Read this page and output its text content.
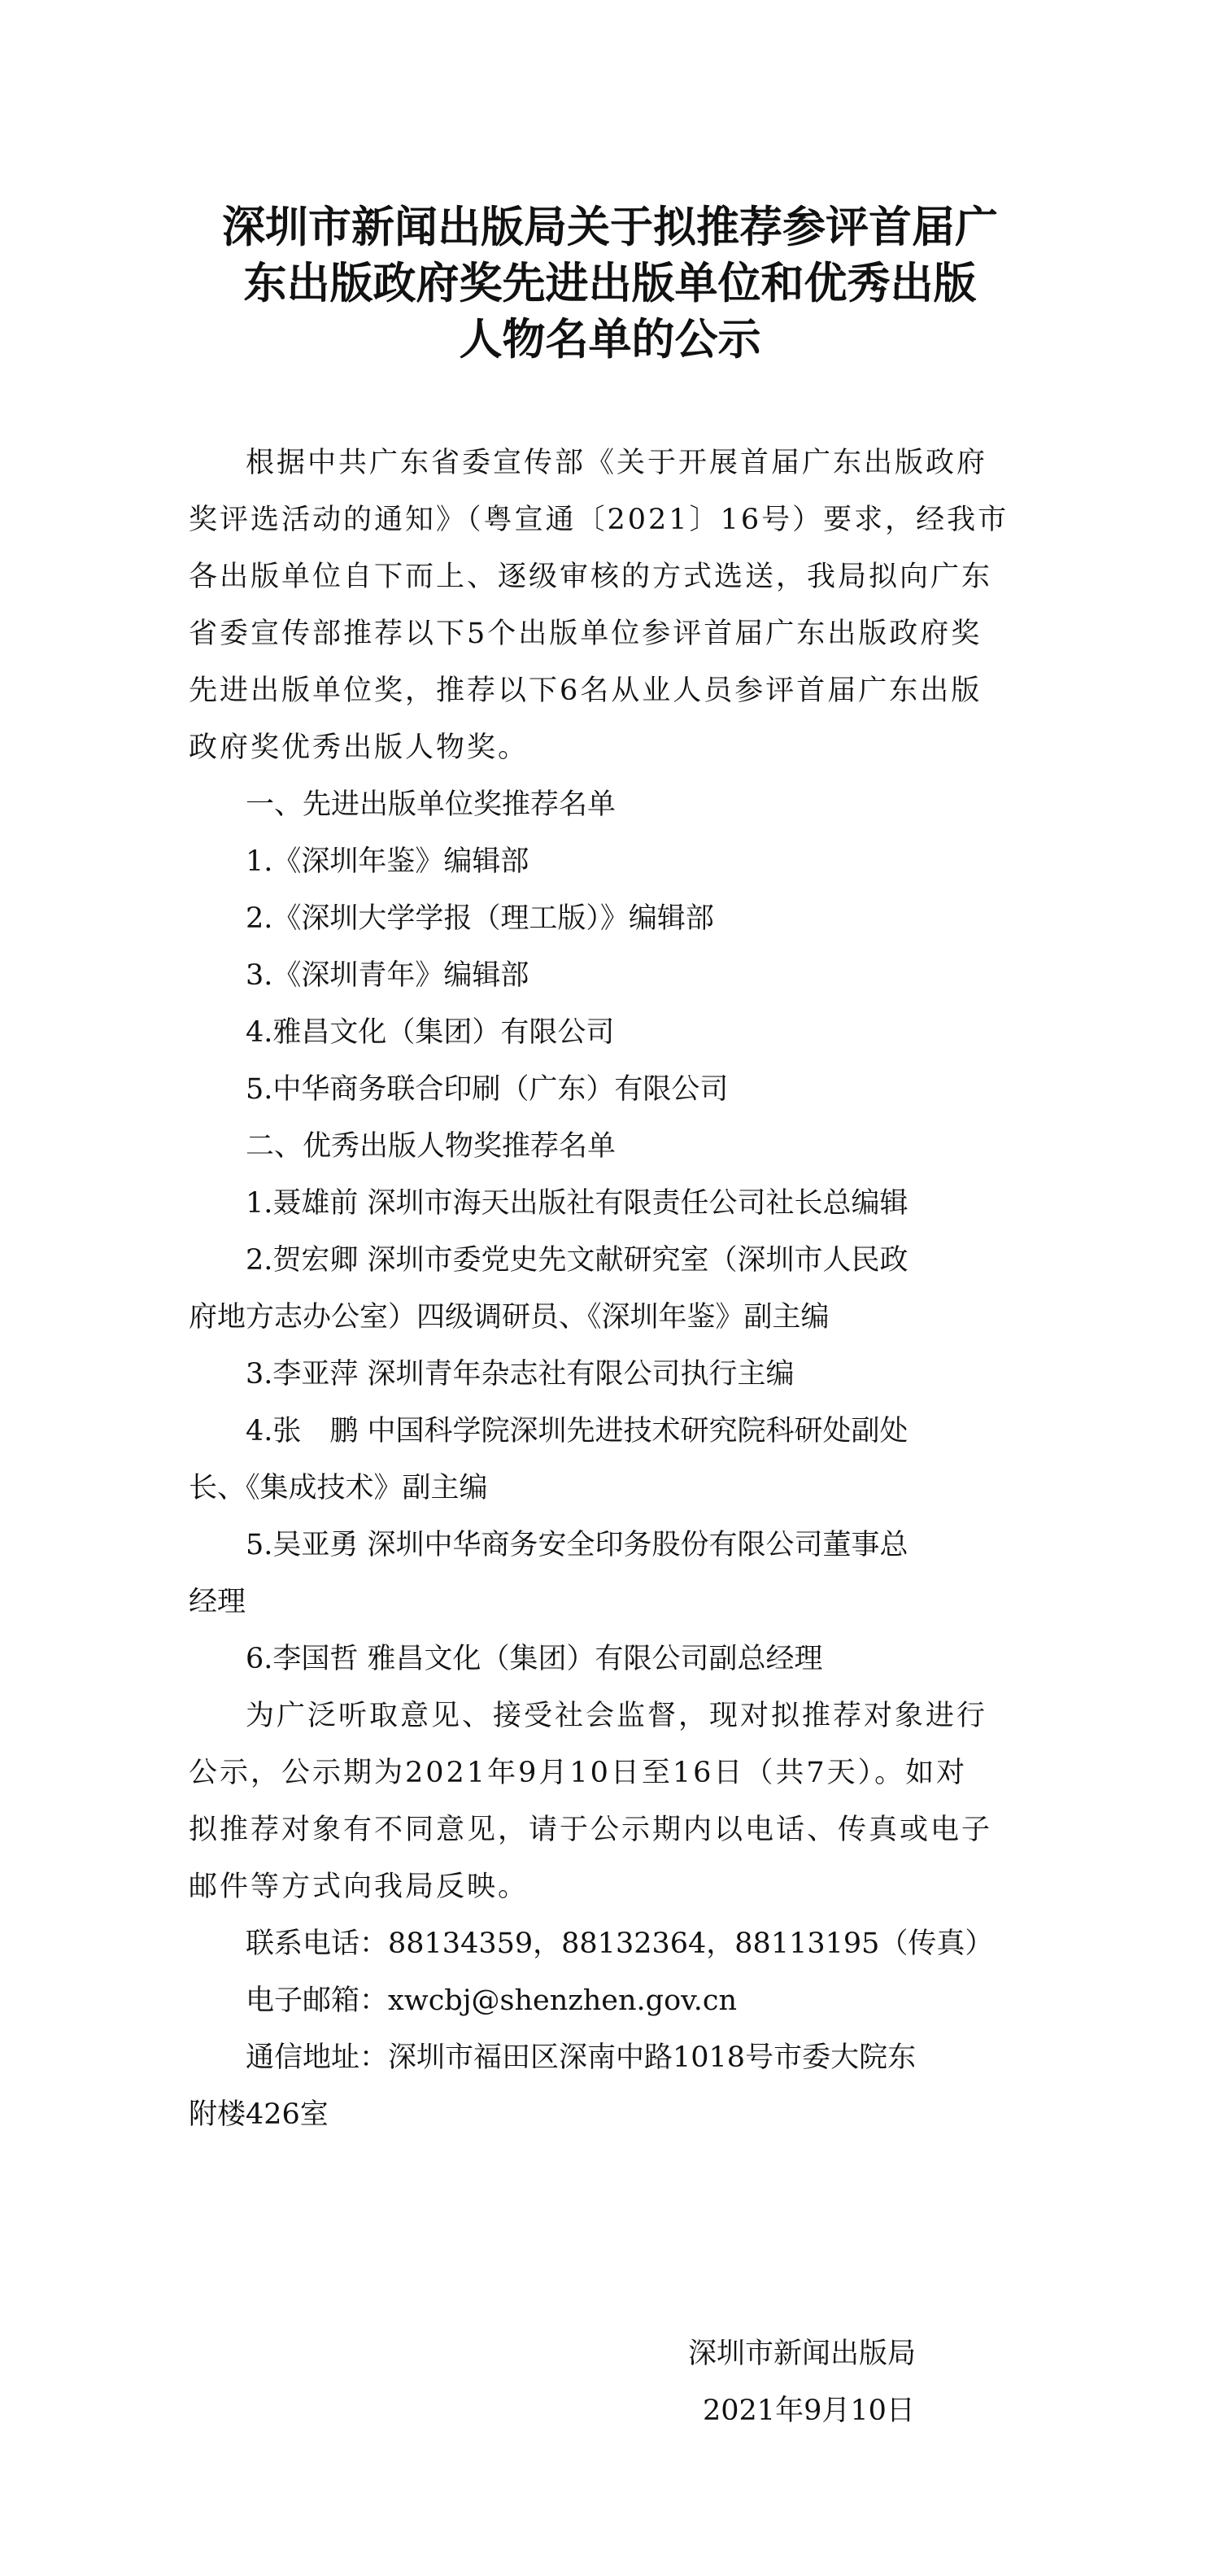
深圳市新闻出版局关于拟推荐参评首届广
东出版政府奖先进出版单位和优秀出版
人物名单的公示

根据中共广东省委宣传部《关于开展首届广东出版政府

奖评选活动的通知》（粤宣通〔2021〕16号）要求，经我市

各出版单位自下而上、逐级审核的方式选送，我局拟向广东

省委宣传部推荐以下5个出版单位参评首届广东出版政府奖

先进出版单位奖，推荐以下6名从业人员参评首届广东出版

政府奖优秀出版人物奖。

一、先进出版单位奖推荐名单

1.《深圳年鉴》编辑部

2.《深圳大学学报（理工版）》编辑部

3.《深圳青年》编辑部

4.雅昌文化（集团）有限公司

5.中华商务联合印刷（广东）有限公司

二、优秀出版人物奖推荐名单

1.聂雄前 深圳市海天出版社有限责任公司社长总编辑

2.贺宏卿 深圳市委党史先文献研究室（深圳市人民政

府地方志办公室）四级调研员、《深圳年鉴》副主编

3.李亚萍 深圳青年杂志社有限公司执行主编

4.张　鹏 中国科学院深圳先进技术研究院科研处副处

长、《集成技术》副主编

5.吴亚勇 深圳中华商务安全印务股份有限公司董事总

经理

6.李国哲 雅昌文化（集团）有限公司副总经理

为广泛听取意见、接受社会监督，现对拟推荐对象进行

公示，公示期为2021年9月10日至16日（共7天）。如对

拟推荐对象有不同意见，请于公示期内以电话、传真或电子

邮件等方式向我局反映。

联系电话：88134359，88132364，88113195（传真）

电子邮箱：xwcbj@shenzhen.gov.cn

通信地址：深圳市福田区深南中路1018号市委大院东

附楼426室

深圳市新闻出版局
2021年9月10日
